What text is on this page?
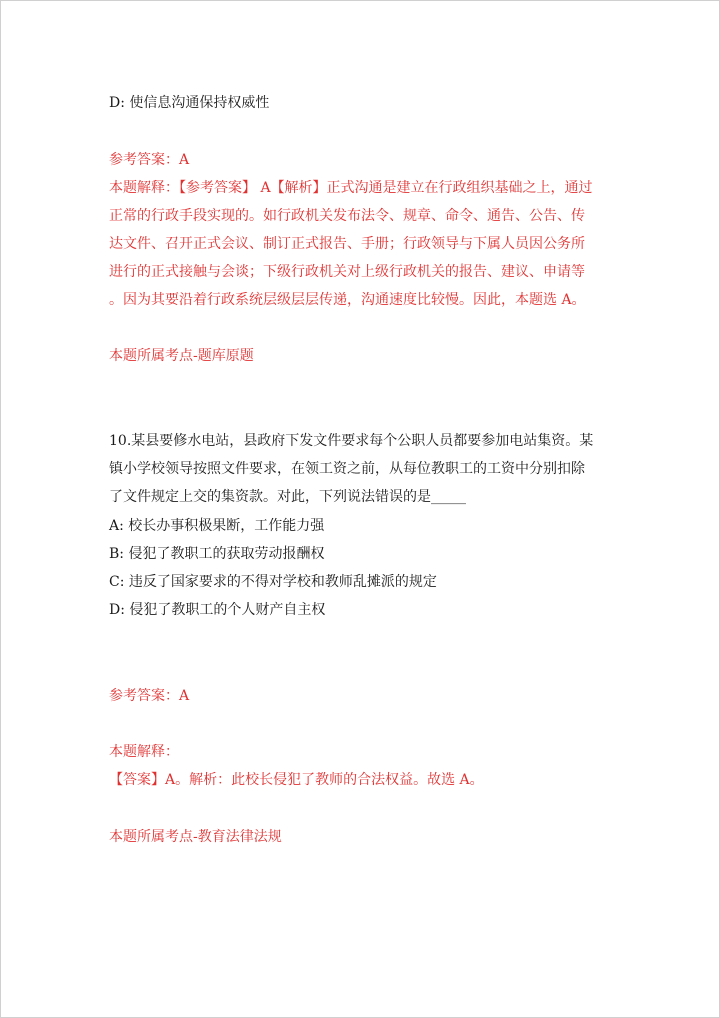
D: 使信息沟通保持权威性
参考答案：A
本题解释：【参考答案】 A【解析】正式沟通是建立在行政组织基础之上，通过
正常的行政手段实现的。如行政机关发布法令、规章、命令、通告、公告、传
达文件、召开正式会议、制订正式报告、手册；行政领导与下属人员因公务所
进行的正式接触与会谈；下级行政机关对上级行政机关的报告、建议、申请等
。因为其要沿着行政系统层级层层传递，沟通速度比较慢。因此，本题选 A。
本题所属考点-题库原题
10.某县要修水电站，县政府下发文件要求每个公职人员都要参加电站集资。某
镇小学校领导按照文件要求，在领工资之前，从每位教职工的工资中分别扣除
了文件规定上交的集资款。对此，下列说法错误的是_____
A: 校长办事积极果断，工作能力强
B: 侵犯了教职工的获取劳动报酬权
C: 违反了国家要求的不得对学校和教师乱摊派的规定
D: 侵犯了教职工的个人财产自主权
参考答案：A
本题解释：
【答案】A。解析：此校长侵犯了教师的合法权益。故选 A。
本题所属考点-教育法律法规
